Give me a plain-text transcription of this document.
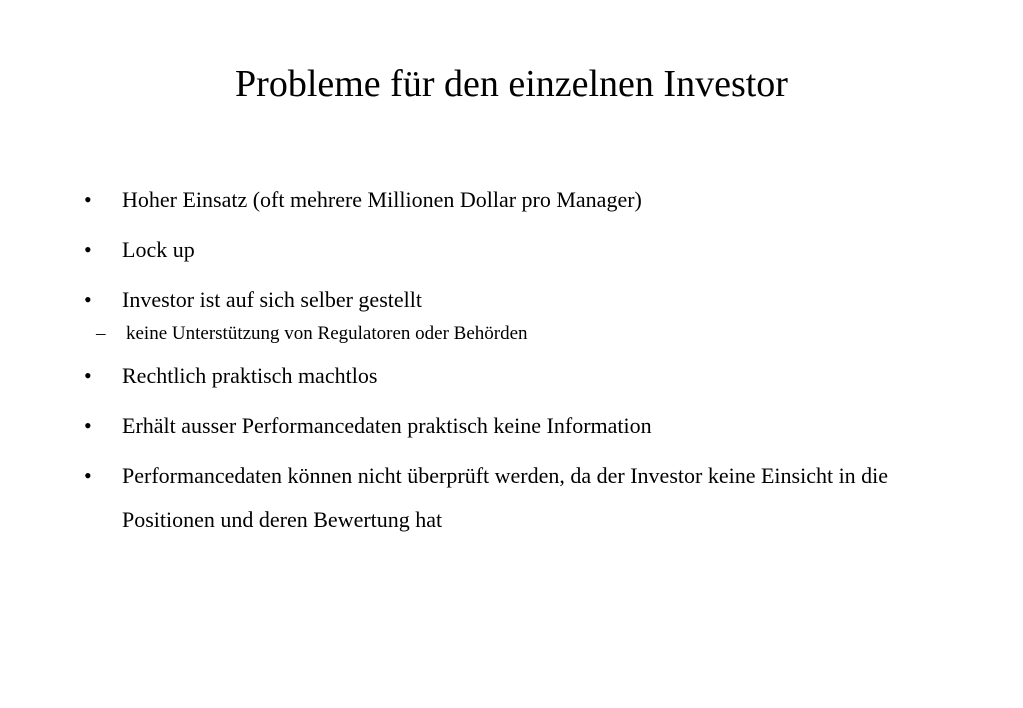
Probleme für den einzelnen Investor
•	Hoher Einsatz (oft mehrere Millionen Dollar pro Manager)
•	Lock up
•	Investor ist auf sich selber gestellt
–	keine Unterstützung von Regulatoren oder Behörden
•	Rechtlich praktisch machtlos
•	Erhält ausser Performancedaten praktisch keine Information
•	Performancedaten können nicht überprüft werden, da der Investor keine Einsicht in die Positionen und deren Bewertung hat
